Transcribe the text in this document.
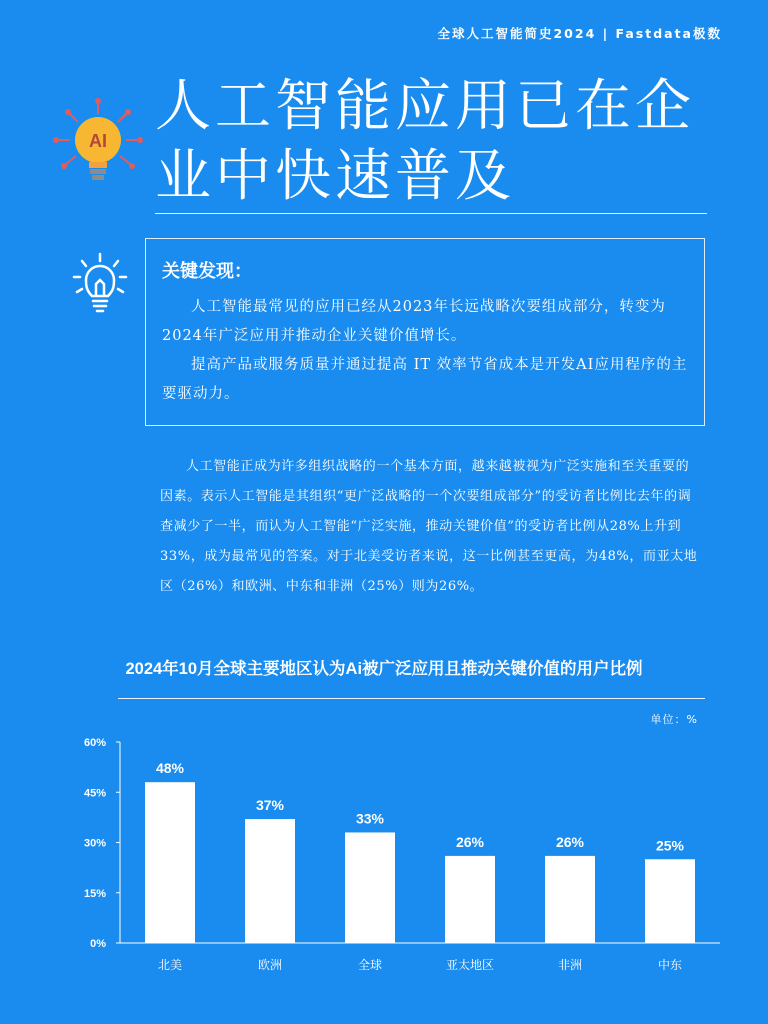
全球人工智能简史2024 | Fastdata极数
AI
人工智能应用已在企
业中快速普及
关键发现：

人工智能最常见的应用已经从2023年长远战略次要组成部分，转变为2024年广泛应用并推动企业关键价值增长。

提高产品或服务质量并通过提高 IT 效率节省成本是开发AI应用程序的主要驱动力。

人工智能正成为许多组织战略的一个基本方面，越来越被视为广泛实施和至关重要的因素。表示人工智能是其组织“更广泛战略的一个次要组成部分”的受访者比例比去年的调查减少了一半，而认为人工智能“广泛实施，推动关键价值”的受访者比例从28%上升到33%，成为最常见的答案。对于北美受访者来说，这一比例甚至更高，为48%，而亚太地区（26%）和欧洲、中东和非洲（25%）则为26%。

2024年10月全球主要地区认为Ai被广泛应用且推动关键价值的用户比例
单位：%
0%
15%
30%
45%
60%
48%
北美
37%
欧洲
33%
全球
26%
亚太地区
26%
非洲
25%
中东
